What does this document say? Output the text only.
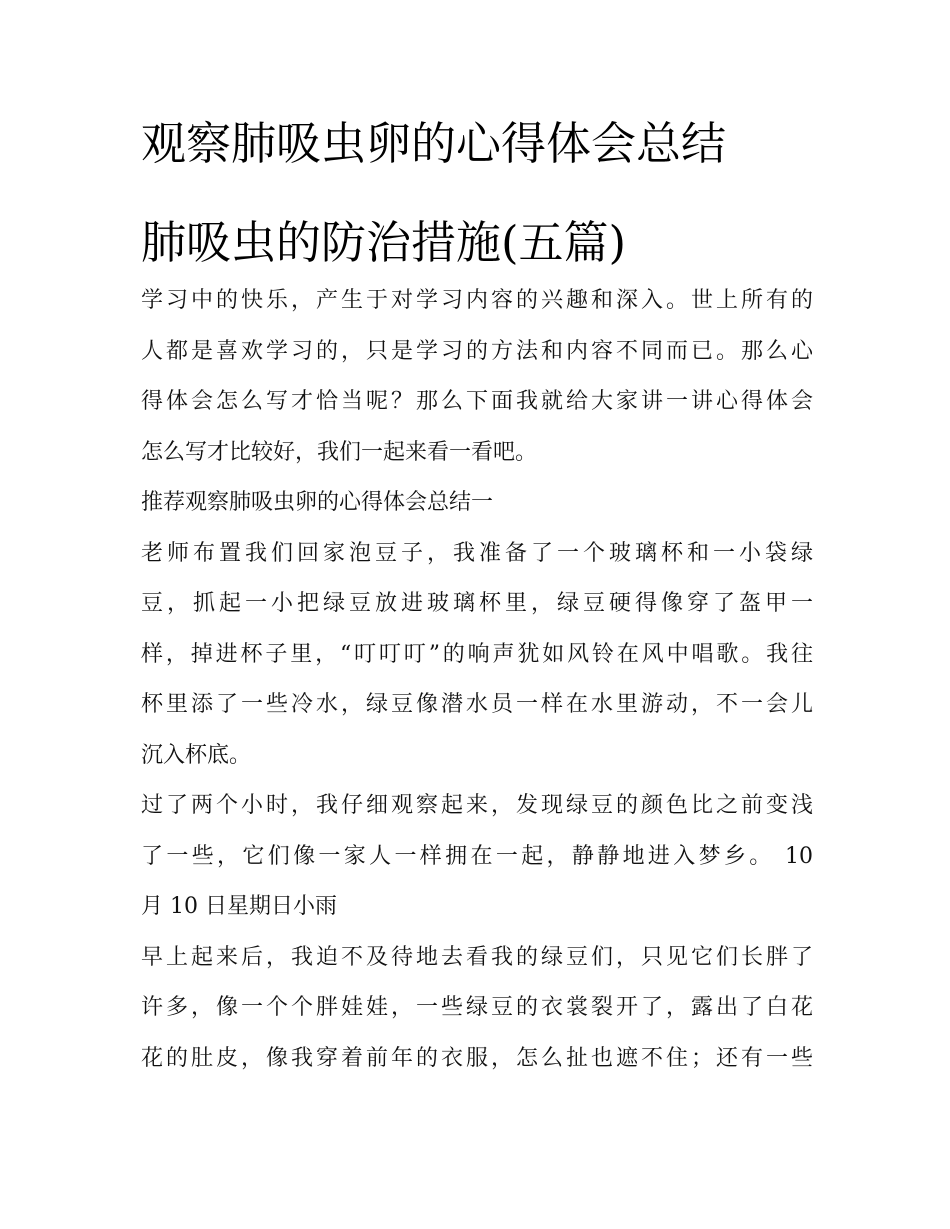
观察肺吸虫卵的心得体会总结
肺吸虫的防治措施(五篇)

学习中的快乐，产生于对学习内容的兴趣和深入。世上所有的
人都是喜欢学习的，只是学习的方法和内容不同而已。那么心
得体会怎么写才恰当呢？那么下面我就给大家讲一讲心得体会
怎么写才比较好，我们一起来看一看吧。

推荐观察肺吸虫卵的心得体会总结一

老师布置我们回家泡豆子，我准备了一个玻璃杯和一小袋绿
豆，抓起一小把绿豆放进玻璃杯里，绿豆硬得像穿了盔甲一
样，掉进杯子里，“叮叮叮”的响声犹如风铃在风中唱歌。我往
杯里添了一些冷水，绿豆像潜水员一样在水里游动，不一会儿
沉入杯底。

过了两个小时，我仔细观察起来，发现绿豆的颜色比之前变浅
了一些，它们像一家人一样拥在一起，静静地进入梦乡。 10
月 10 日星期日小雨

早上起来后，我迫不及待地去看我的绿豆们，只见它们长胖了
许多，像一个个胖娃娃，一些绿豆的衣裳裂开了，露出了白花
花的肚皮，像我穿着前年的衣服，怎么扯也遮不住；还有一些
